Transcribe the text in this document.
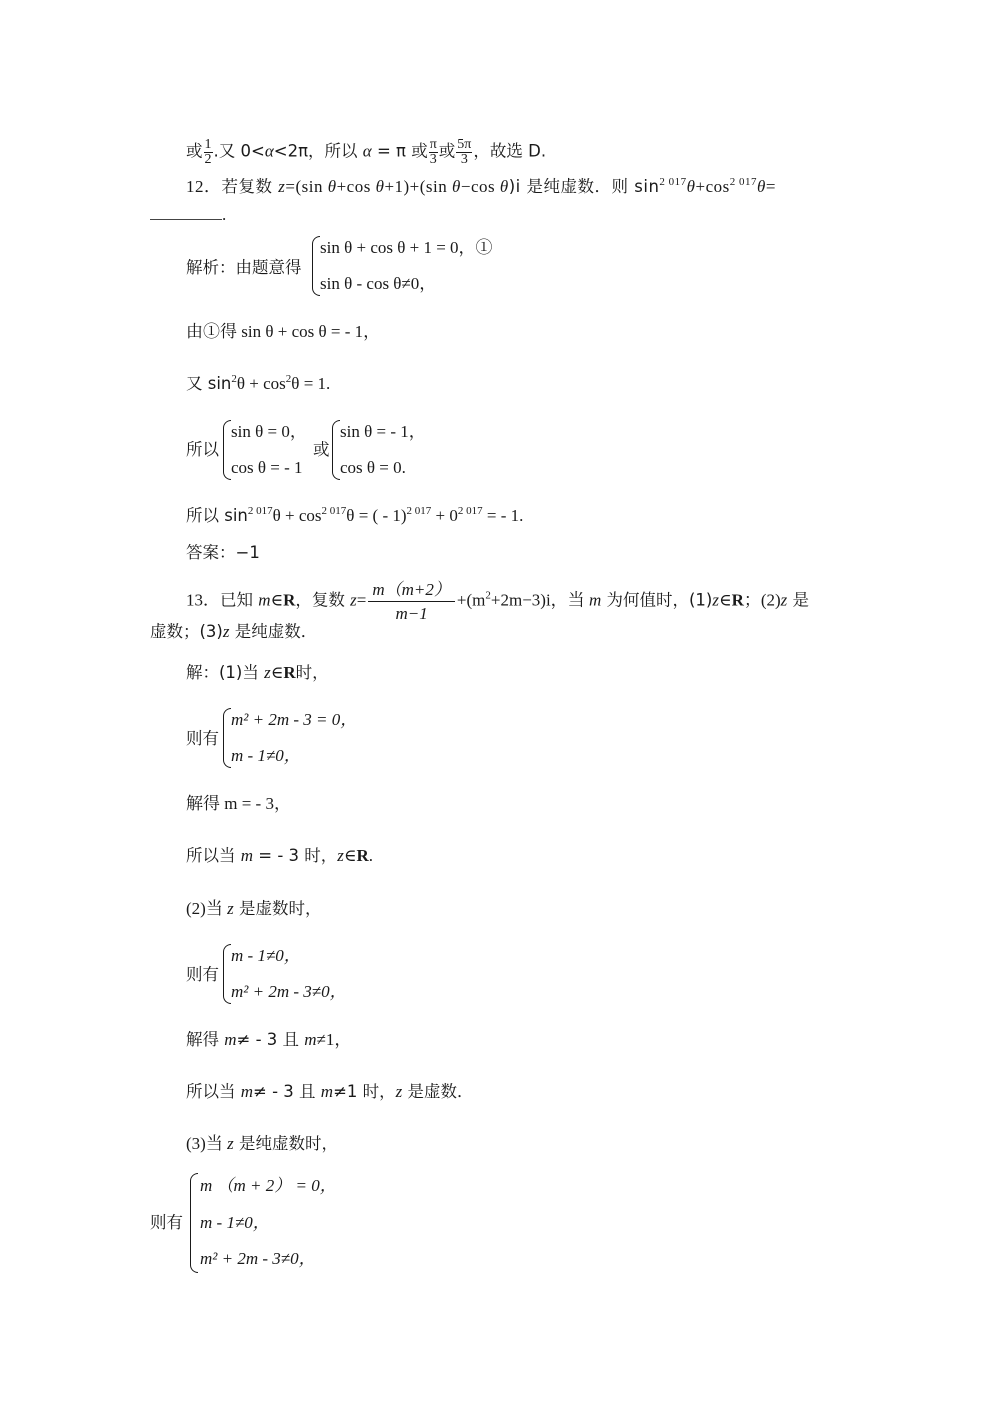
或 $\frac{1}{2}$ .又 0<α<2π，所以 α = π 或 $\frac{\pi}{3}$ 或 $\frac{5\pi}{3}$ ，故选 D.
12．若复数 z=(sin θ+cos θ+1)+(sin θ−cos θ)i 是纯虚数．则 $\sin^{2 017}\theta+\cos^{2 017}\theta=$
.
解析：由题意得
sin θ + cos θ + 1 = 0，①
sin θ - cos θ≠0，
由①得 sin θ + cos θ = - 1，
又 $\sin^2\theta + \cos^2\theta = 1$.
所以
sin θ = 0，
cos θ = - 1
或
sin θ = - 1，
cos θ = 0.
所以 $\sin^{2 017}\theta + \cos^{2 017}\theta$ = ( - $1)^{2 017} + 0^{2 017}$ = - 1.
答案：−1
13．已知 m∈R，复数 $z= \frac{m(m+2)}{m-1} +(m^2+2m-3)i$，当 m 为何值时，(1)z∈R；(2)z 是
虚数；(3)z 是纯虚数．
解：(1)当 z∈R时，
则有
m² + 2m - 3 = 0，
m - 1≠0，
解得 m = - 3，
所以当 m = - 3 时，z∈R.
(2)当 z 是虚数时，
则有
m - 1≠0，
m² + 2m - 3≠0，
解得 m≠ - 3 且 m≠1，
所以当 m≠ - 3 且 m≠1 时，z 是虚数．
(3)当 z 是纯虚数时，
则有
m （m + 2） = 0，
m - 1≠0，
m² + 2m - 3≠0，
